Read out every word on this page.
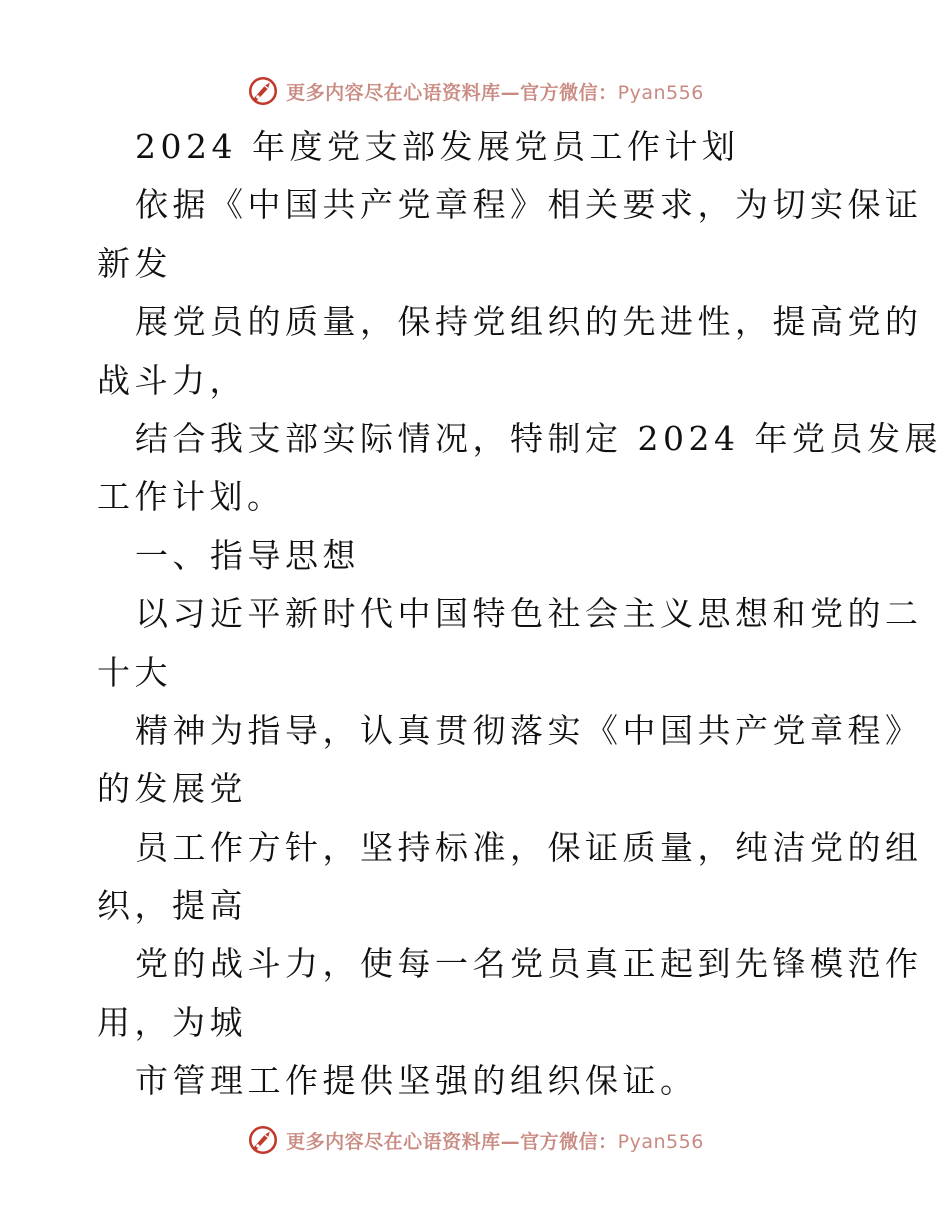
更多内容尽在心语资料库—官方微信：Pyan556
2024 年度党支部发展党员工作计划
依据《中国共产党章程》相关要求，为切实保证
新发
展党员的质量，保持党组织的先进性，提高党的
战斗力，
结合我支部实际情况，特制定 2024 年党员发展
工作计划。
一、指导思想
以习近平新时代中国特色社会主义思想和党的二
十大
精神为指导，认真贯彻落实《中国共产党章程》
的发展党
员工作方针，坚持标准，保证质量，纯洁党的组
织，提高
党的战斗力，使每一名党员真正起到先锋模范作
用，为城
市管理工作提供坚强的组织保证。
更多内容尽在心语资料库—官方微信：Pyan556
